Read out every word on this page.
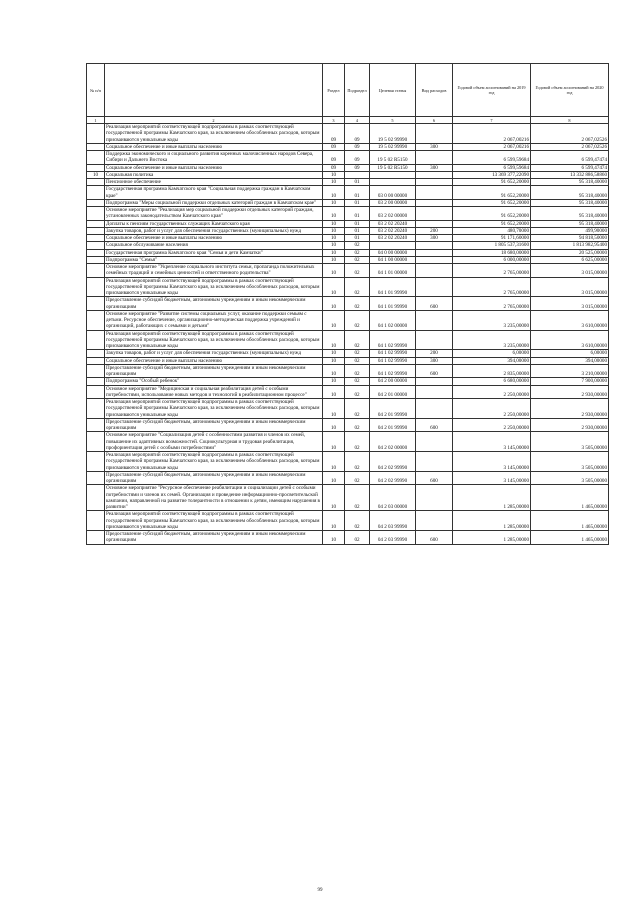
№ п/п		Раздел	Подраздел	Целевая статья	Вид расходов	Годовой объем ассигнований на 2019 год	Годовой объем ассигнований на 2020 год
1	2	3	4	5	6	7	8
	Реализация мероприятий соответствующей подпрограммы в рамках соответствующей государственной программы Камчатского края, за исключением обособленных расходов, которым присваиваются уникальные коды	09	09	19 5 02 99990		2 067,00216	2 067,02526
	Социальное обеспечение и иные выплаты населению	09	09	19 5 02 99990	300	2 067,00216	2 067,02526
	Поддержка экономического и социального развития коренных малочисленных народов Севера, Сибири и Дальнего Востока	09	09	19 5 02 R5150		6 599,59684	6 599,47474
	Социальное обеспечение и иные выплаты населению	09	09	19 5 02 R5150	300	6 599,59684	6 599,47474
10	Социальная политика	10				13 369 377,22090	13 332 886,58860
	Пенсионное обеспечение	10	01			91 652,20000	95 318,40000
	Государственная программа Камчатского края "Социальная поддержка граждан в Камчатском крае"	10	01	03 0 00 00000		91 652,20000	95 318,40000
	Подпрограмма "Меры социальной поддержки отдельных категорий граждан в Камчатском крае"	10	01	03 2 00 00000		91 652,20000	95 318,40000
	Основное мероприятие "Реализация мер социальной поддержки отдельных категорий граждан, установленных законодательством Камчатского края"	10	01	03 2 02 00000		91 652,20000	95 318,40000
	Доплаты к пенсиям государственных служащих Камчатского края	10	01	03 2 02 20240		91 652,20000	95 318,40000
	Закупка товаров, работ и услуг для обеспечения государственных (муниципальных) нужд	10	01	03 2 02 20240	200	480,70000	499,90000
	Социальное обеспечение и иные выплаты населению	10	01	03 2 02 20240	300	91 171,60000	94 818,50000
	Социальное обслуживание населения	10	02			1 805 537,31600	1 813 982,95400
	Государственная программа Камчатского края "Семья и дети Камчатки"	10	02	04 0 00 00000		18 680,00000	20 525,00000
	Подпрограмма "Семья"	10	02	04 1 00 00000		6 000,00000	6 625,00000
	Основное мероприятие "Укрепление социального института семьи, пропаганда положительных семейных традиций и семейных ценностей и ответственного родительства"	10	02	04 1 01 00000		2 765,00000	3 015,00000
	Реализация мероприятий соответствующей подпрограммы в рамках соответствующей государственной программы Камчатского края, за исключением обособленных расходов, которым присваиваются уникальные коды	10	02	04 1 01 99990		2 765,00000	3 015,00000
	Предоставление субсидий бюджетным, автономным учреждениям и иным некоммерческим организациям	10	02	04 1 01 99990	600	2 765,00000	3 015,00000
	Основное мероприятие "Развитие системы социальных услуг, оказание поддержки семьям с детьми. Ресурсное обеспечение, организационно-методическая поддержка учреждений и организаций, работающих с семьями и детьми"	10	02	04 1 02 00000		3 235,00000	3 610,00000
	Реализация мероприятий соответствующей подпрограммы в рамках соответствующей государственной программы Камчатского края, за исключением обособленных расходов, которым присваиваются уникальные коды	10	02	04 1 02 99990		3 235,00000	3 610,00000
	Закупка товаров, работ и услуг для обеспечения государственных (муниципальных) нужд	10	02	04 1 02 99990	200	6,00000	6,00000
	Социальное обеспечение и иные выплаты населению	10	02	04 1 02 99990	300	394,00000	394,00000
	Предоставление субсидий бюджетным, автономным учреждениям и иным некоммерческим организациям	10	02	04 1 02 99990	600	2 835,00000	3 210,00000
	Подпрограмма "Особый ребенок"	10	02	04 2 00 00000		6 680,00000	7 900,00000
	Основное мероприятие "Медицинская и социальная реабилитация детей с особыми потребностями, использование новых методов и технологий в реабилитационном процессе"	10	02	04 2 01 00000		2 250,00000	2 930,00000
	Реализация мероприятий соответствующей подпрограммы в рамках соответствующей государственной программы Камчатского края, за исключением обособленных расходов, которым присваиваются уникальные коды	10	02	04 2 01 99990		2 250,00000	2 930,00000
	Предоставление субсидий бюджетным, автономным учреждениям и иным некоммерческим организациям	10	02	04 2 01 99990	600	2 250,00000	2 930,00000
	Основное мероприятие "Социализация детей с особенностями развития и членов их семей, повышение их адаптивных возможностей. Социокультурная и трудовая реабилитация, профориентация детей с особыми потребностями"	10	02	04 2 02 00000		3 145,00000	3 505,00000
	Реализация мероприятий соответствующей подпрограммы в рамках соответствующей государственной программы Камчатского края, за исключением обособленных расходов, которым присваиваются уникальные коды	10	02	04 2 02 99990		3 145,00000	3 505,00000
	Предоставление субсидий бюджетным, автономным учреждениям и иным некоммерческим организациям	10	02	04 2 02 99990	600	3 145,00000	3 505,00000
	Основное мероприятие "Ресурсное обеспечение реабилитации и социализации детей с особыми потребностями и членов их семей. Организация и проведение информационно-просветительской кампании, направленной на развитие толерантности в отношении к детям, имеющим нарушения в развитии"	10	02	04 2 03 00000		1 285,00000	1 465,00000
	Реализация мероприятий соответствующей подпрограммы в рамках соответствующей государственной программы Камчатского края, за исключением обособленных расходов, которым присваиваются уникальные коды	10	02	04 2 03 99990		1 285,00000	1 465,00000
	Предоставление субсидий бюджетным, автономным учреждениям и иным некоммерческим организациям	10	02	04 2 03 99990	600	1 285,00000	1 465,00000
99
